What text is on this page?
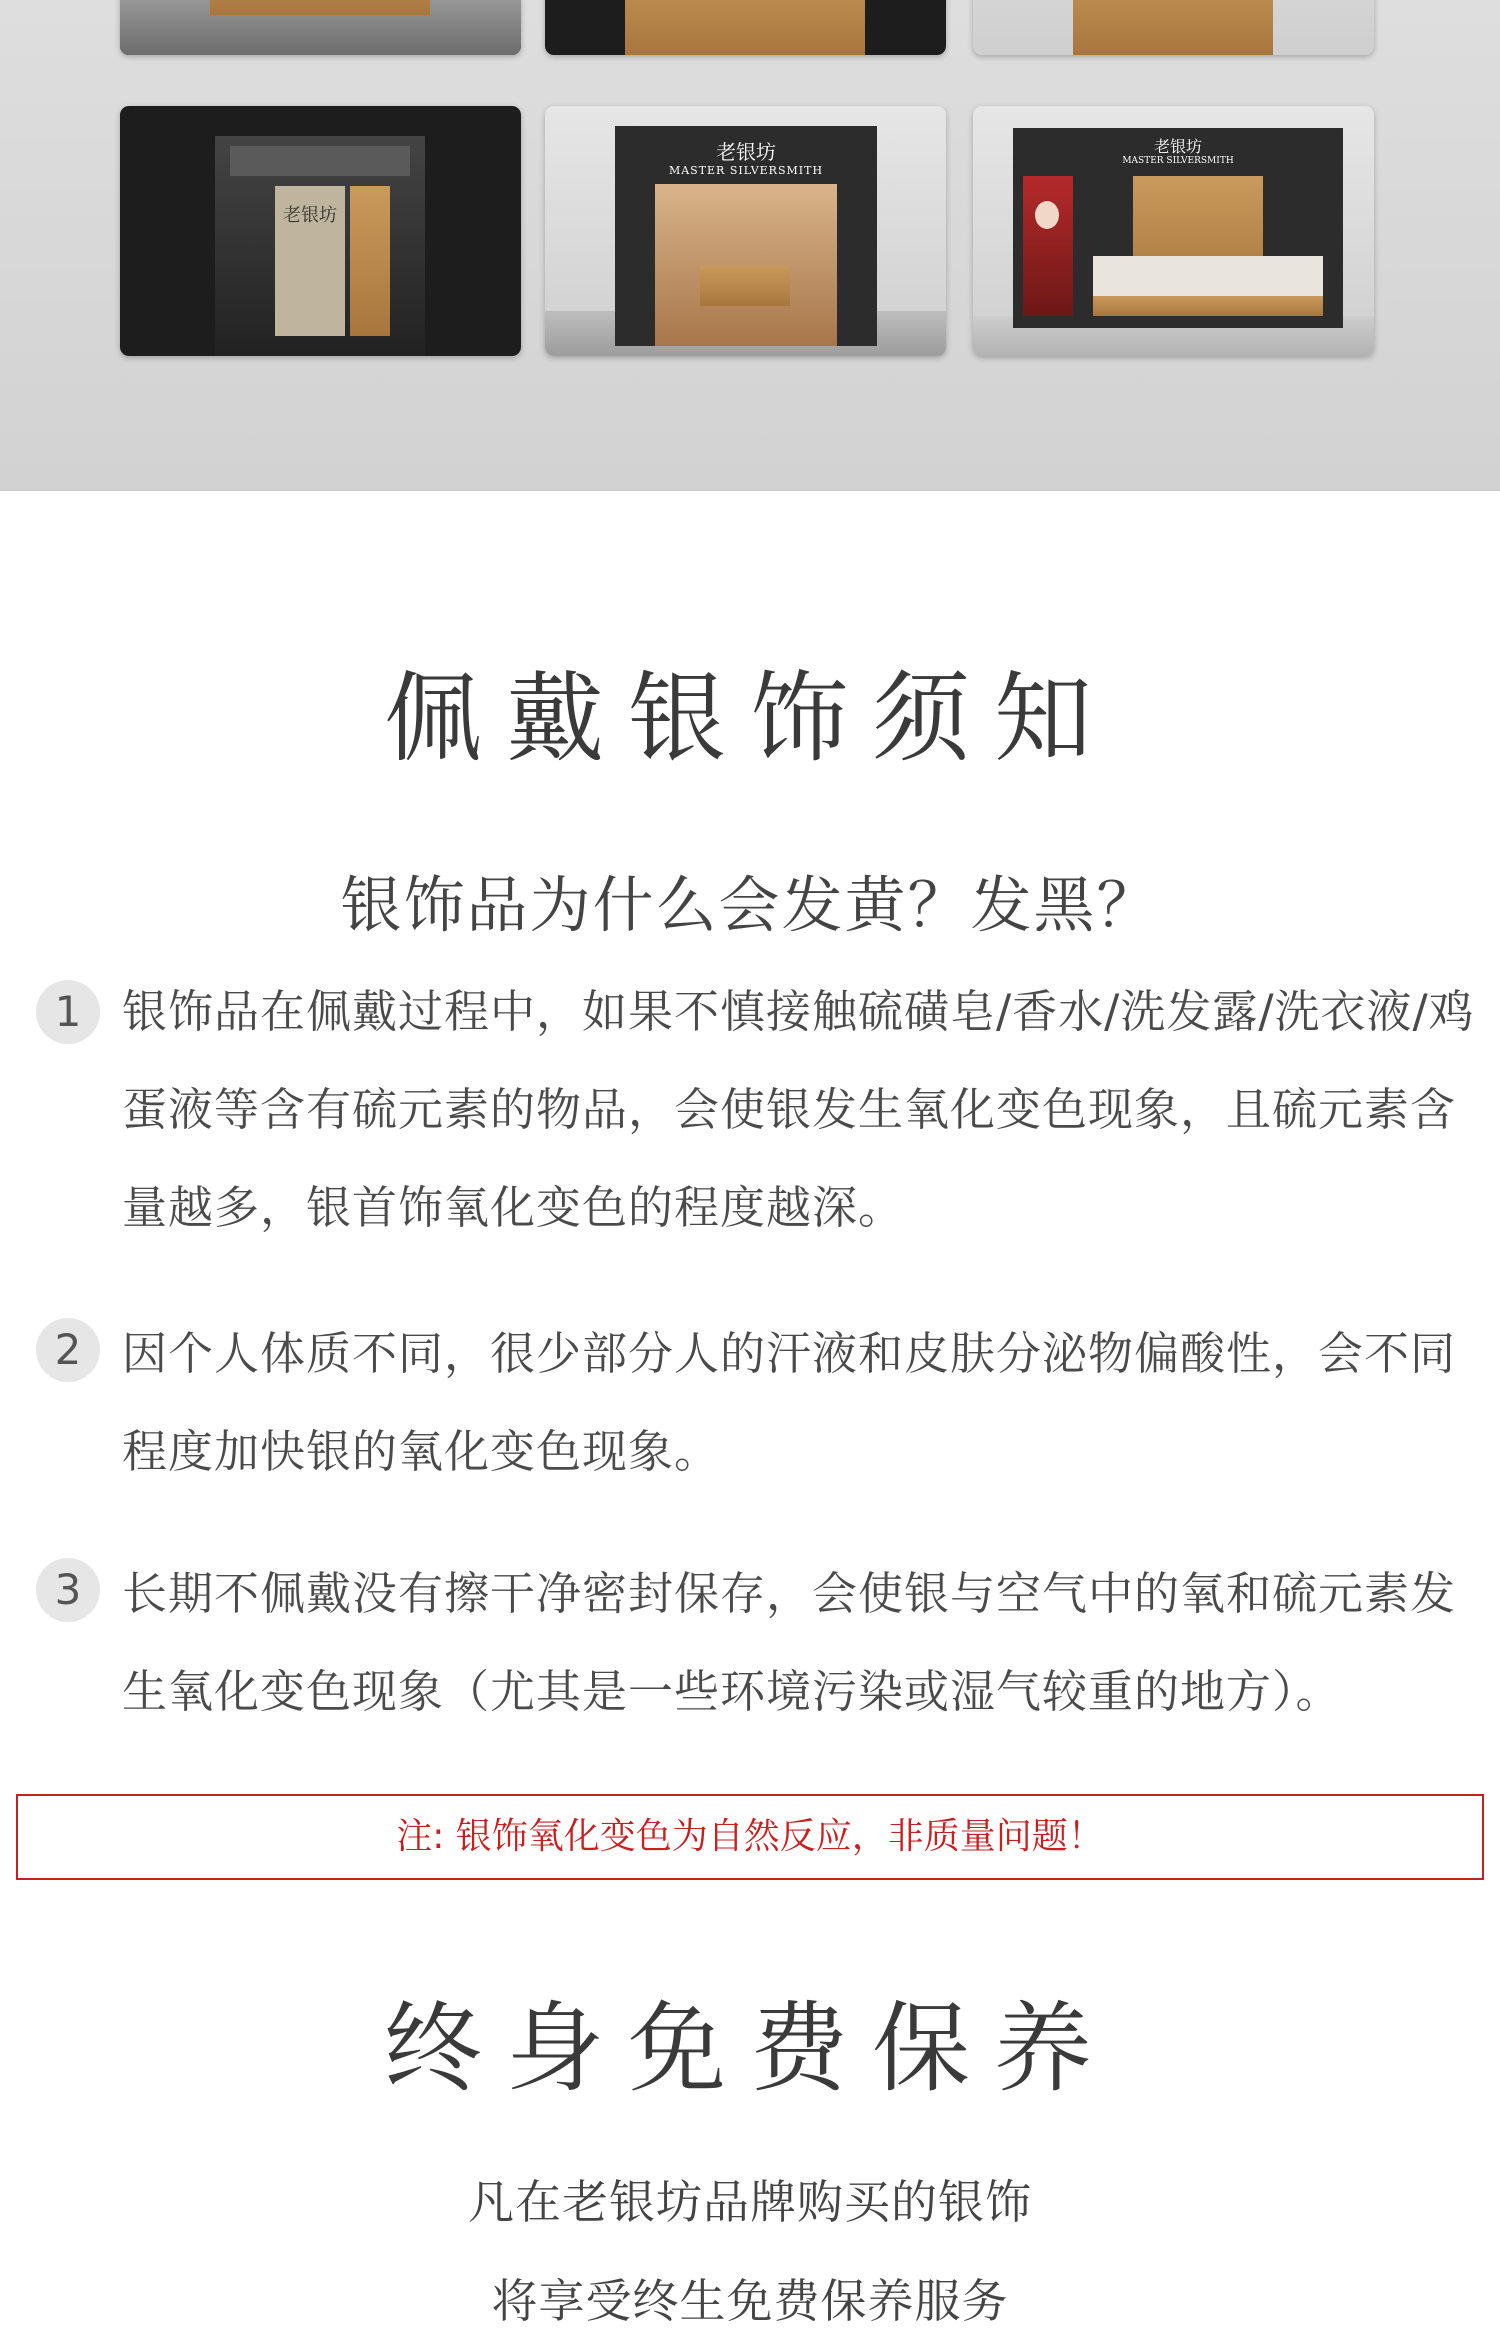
老银坊
老银坊
MASTER SILVERSMITH
老银坊
MASTER SILVERSMITH
佩戴银饰须知
银饰品为什么会发黄？发黑？
1 银饰品在佩戴过程中，如果不慎接触硫磺皂/香水/洗发露/洗衣液/鸡蛋液等含有硫元素的物品，会使银发生氧化变色现象，且硫元素含量越多，银首饰氧化变色的程度越深。
2 因个人体质不同，很少部分人的汗液和皮肤分泌物偏酸性，会不同程度加快银的氧化变色现象。
3 长期不佩戴没有擦干净密封保存，会使银与空气中的氧和硫元素发生氧化变色现象（尤其是一些环境污染或湿气较重的地方）。
注: 银饰氧化变色为自然反应，非质量问题！
终身免费保养
凡在老银坊品牌购买的银饰
将享受终生免费保养服务
